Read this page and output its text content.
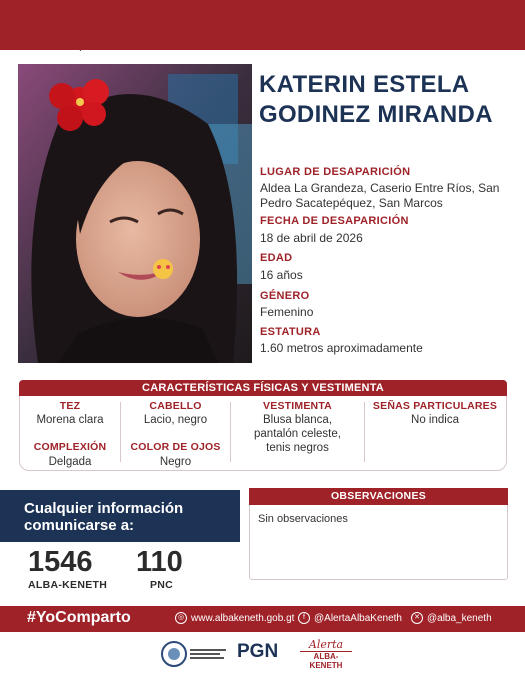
KATERIN ESTELA
GODINEZ MIRANDA
LUGAR DE DESAPARICIÓN
Aldea La Grandeza, Caserio Entre Ríos, San Pedro Sacatepéquez, San Marcos
FECHA DE DESAPARICIÓN
18 de abril de 2026
EDAD
16 años
GÉNERO
Femenino
ESTATURA
1.60 metros aproximadamente
CARACTERÍSTICAS FÍSICAS Y VESTIMENTA
TEZ
Morena clara
CABELLO
Lacio, negro
VESTIMENTA
Blusa blanca,
pantalón celeste,
tenis negros
SEÑAS PARTICULARES
No indica
COMPLEXIÓN
Delgada
COLOR DE OJOS
Negro
Cualquier información
comunicarse a:
1546
ALBA-KENETH
110
PNC
OBSERVACIONES
Sin observaciones
#YoComparto	◎ www.albakeneth.gob.gt	f @AlertaAlbaKeneth	✕ @alba_keneth
PGN	Alerta
ALBA-KENETH
